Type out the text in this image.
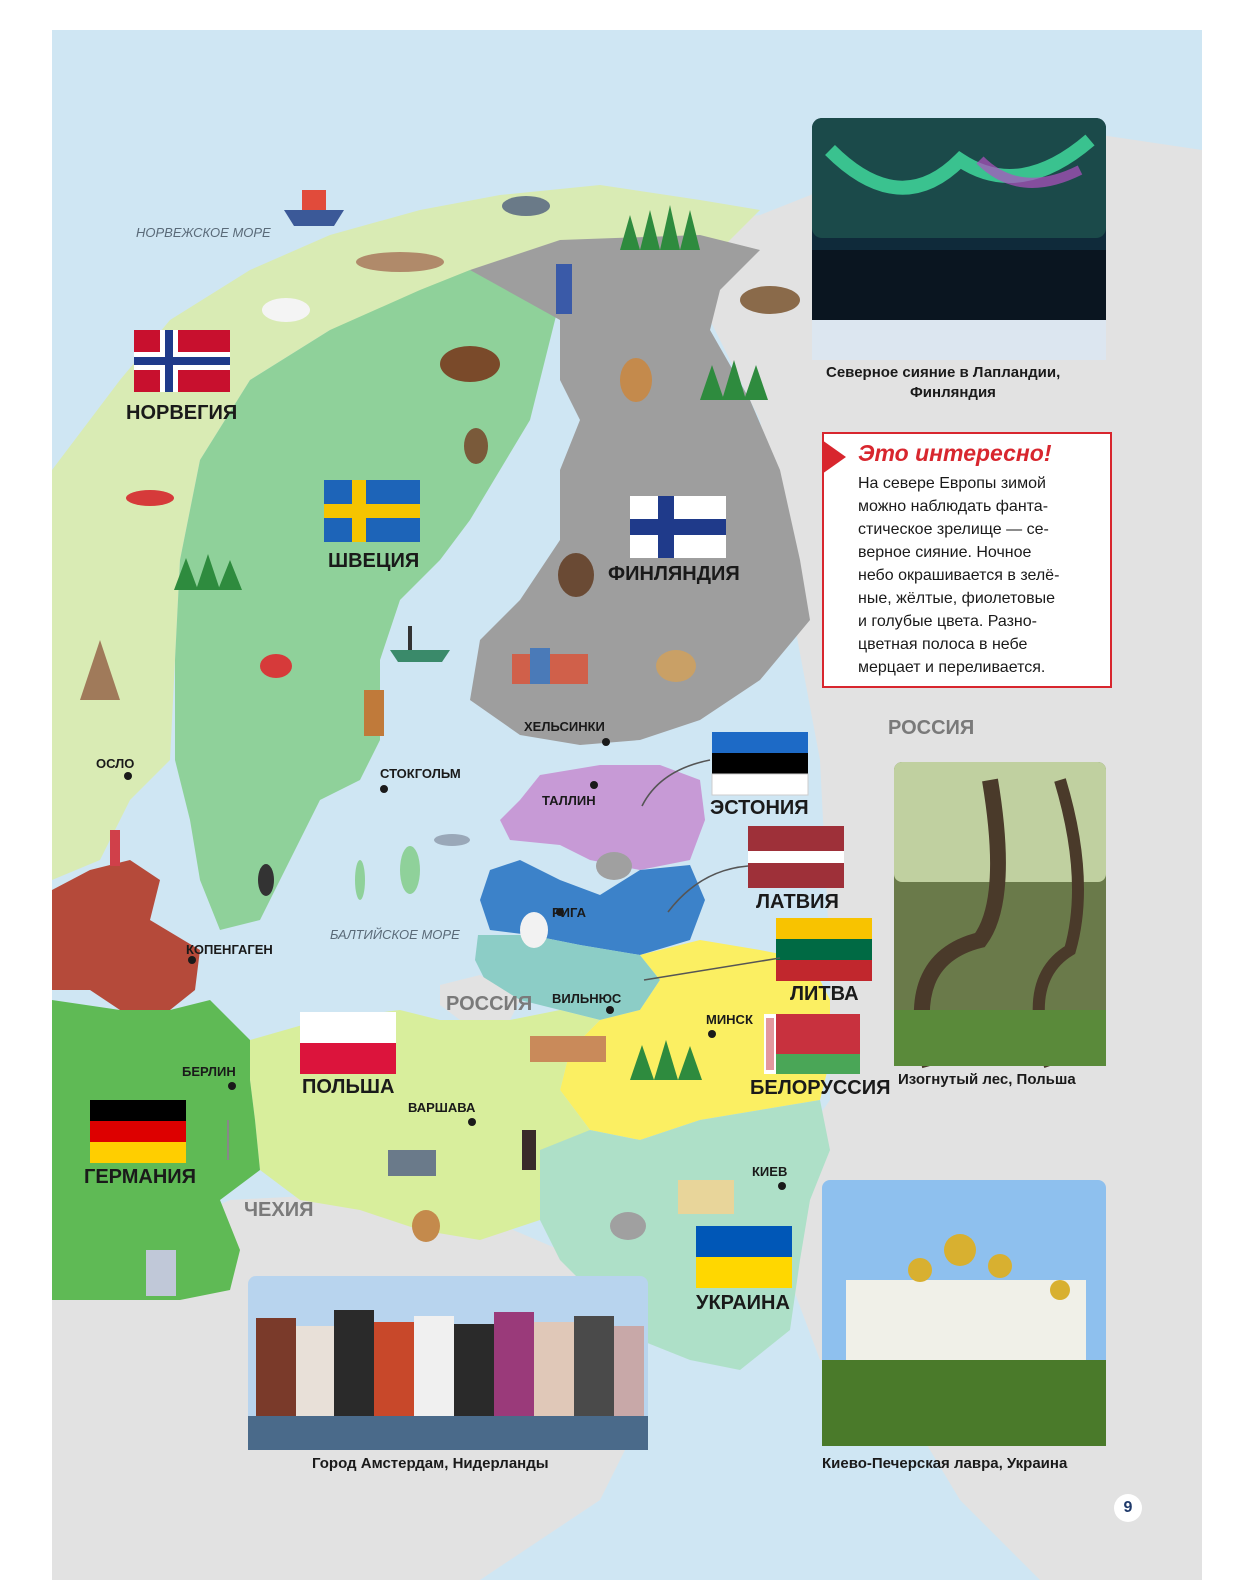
НОРВЕЖСКОЕ МОРЕ
БАЛТИЙСКОЕ МОРЕ
НОРВЕГИЯ
ШВЕЦИЯ
ФИНЛЯНДИЯ
ЭСТОНИЯ
ЛАТВИЯ
ЛИТВА
БЕЛОРУССИЯ
ПОЛЬША
ГЕРМАНИЯ
УКРАИНА
РОССИЯ
РОССИЯ
ЧЕХИЯ
ОСЛО
СТОКГОЛЬМ
ХЕЛЬСИНКИ
ТАЛЛИН
РИГА
ВИЛЬНЮС
МИНСК
КОПЕНГАГЕН
БЕРЛИН
ВАРШАВА
КИЕВ
Северное сияние в Лапландии,
Финляндия
Изогнутый лес, Польша
Город Амстердам, Нидерланды	Киево-Печерская лавра, Украина
Это интересно!
На севере Европы зимой
можно наблюдать фанта-
стическое зрелище — се-
верное сияние. Ночное
небо окрашивается в зелё-
ные, жёлтые, фиолетовые
и голубые цвета. Разно-
цветная полоса в небе
мерцает и переливается.
9
